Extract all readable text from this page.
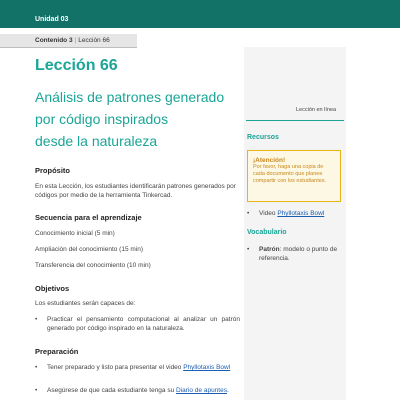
Unidad 03
Contenido 3 | Lección 66
Lección 66
Análisis de patrones generado
por código inspirados
desde la naturaleza
Propósito
En esta Lección, los estudiantes identificarán patrones generados por códigos por medio de la herramienta Tinkercad.
Secuencia para el aprendizaje
Conocimiento inicial (5 min)
Ampliación del conocimiento (15 min)
Transferencia del conocimiento (10 min)
Objetivos
Los estudiantes serán capaces de:
•	Practicar el pensamiento computacional al analizar un patrón generado por código inspirado en la naturaleza.
Preparación
•	Tener preparado y listo para presentar el video Phyllotaxis Bowl
•	Asegúrese de que cada estudiante tenga su Diario de apuntes.
Lección en línea
Recursos
¡Atención!
Por favor, haga una copia de cada documento que planee compartir con los estudiantes.
•	Video Phyllotaxis Bowl
Vocabulario
•	Patrón: modelo o punto de referencia.
